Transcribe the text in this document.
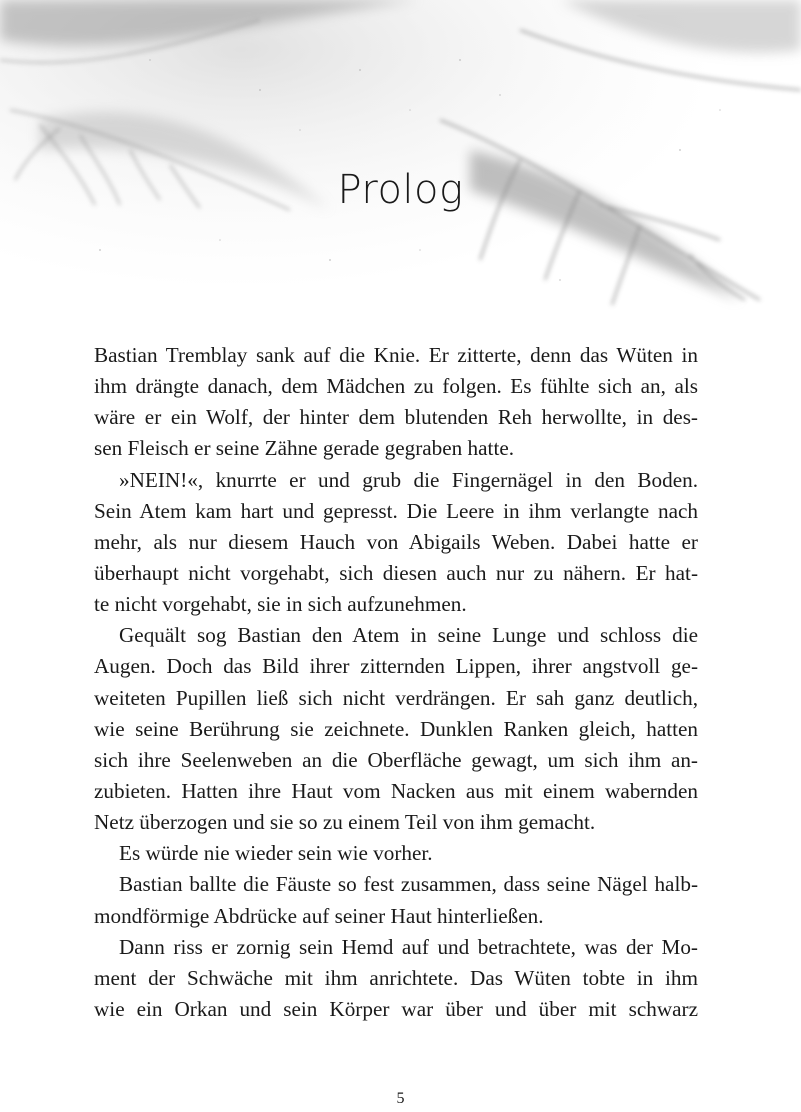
Prolog
Bastian Tremblay sank auf die Knie. Er zitterte, denn das Wüten in
ihm drängte danach, dem Mädchen zu folgen. Es fühlte sich an, als
wäre er ein Wolf, der hinter dem blutenden Reh herwollte, in des-
sen Fleisch er seine Zähne gerade gegraben hatte.
»NEIN!«, knurrte er und grub die Fingernägel in den Boden.
Sein Atem kam hart und gepresst. Die Leere in ihm verlangte nach
mehr, als nur diesem Hauch von Abigails Weben. Dabei hatte er
überhaupt nicht vorgehabt, sich diesen auch nur zu nähern. Er hat-
te nicht vorgehabt, sie in sich aufzunehmen.
Gequält sog Bastian den Atem in seine Lunge und schloss die
Augen. Doch das Bild ihrer zitternden Lippen, ihrer angstvoll ge-
weiteten Pupillen ließ sich nicht verdrängen. Er sah ganz deutlich,
wie seine Berührung sie zeichnete. Dunklen Ranken gleich, hatten
sich ihre Seelenweben an die Oberfläche gewagt, um sich ihm an-
zubieten. Hatten ihre Haut vom Nacken aus mit einem wabernden
Netz überzogen und sie so zu einem Teil von ihm gemacht.
Es würde nie wieder sein wie vorher.
Bastian ballte die Fäuste so fest zusammen, dass seine Nägel halb-
mondförmige Abdrücke auf seiner Haut hinterließen.
Dann riss er zornig sein Hemd auf und betrachtete, was der Mo-
ment der Schwäche mit ihm anrichtete. Das Wüten tobte in ihm
wie ein Orkan und sein Körper war über und über mit schwarz
5
